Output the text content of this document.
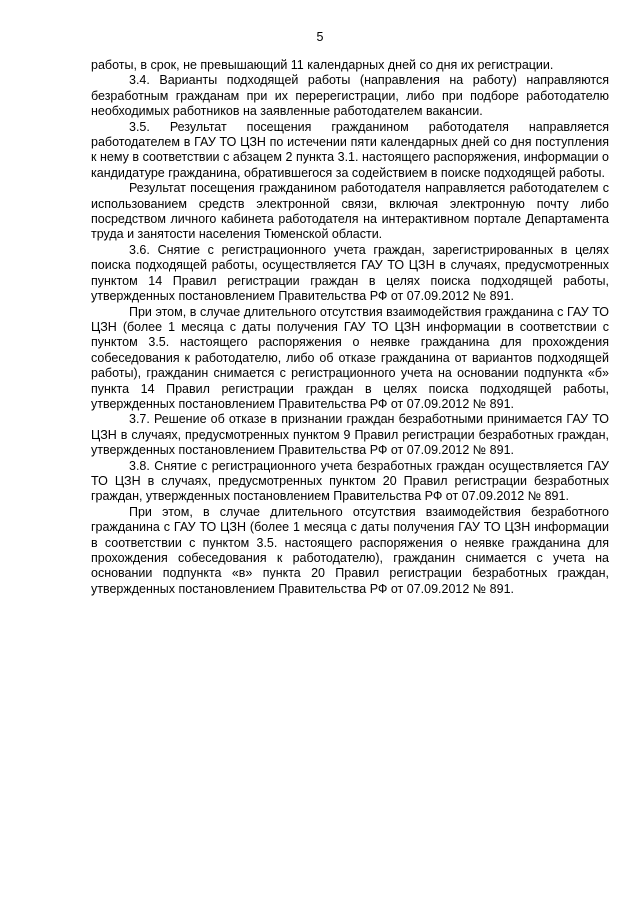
5

работы, в срок, не превышающий 11 календарных дней со дня их регистрации.

3.4. Варианты подходящей работы (направления на работу) направляются безработным гражданам при их перерегистрации, либо при подборе работодателю необходимых работников на заявленные работодателем вакансии.

3.5. Результат посещения гражданином работодателя направляется работодателем в ГАУ ТО ЦЗН по истечении пяти календарных дней со дня поступления к нему в соответствии с абзацем 2 пункта 3.1. настоящего распоряжения, информации о кандидатуре гражданина, обратившегося за содействием в поиске подходящей работы.

Результат посещения гражданином работодателя направляется работодателем с использованием средств электронной связи, включая электронную почту либо посредством личного кабинета работодателя на интерактивном портале Департамента труда и занятости населения Тюменской области.

3.6. Снятие с регистрационного учета граждан, зарегистрированных в целях поиска подходящей работы, осуществляется ГАУ ТО ЦЗН в случаях, предусмотренных пунктом 14 Правил регистрации граждан в целях поиска подходящей работы, утвержденных постановлением Правительства РФ от 07.09.2012 № 891.

При этом, в случае длительного отсутствия взаимодействия гражданина с ГАУ ТО ЦЗН (более 1 месяца с даты получения ГАУ ТО ЦЗН информации в соответствии с пунктом 3.5. настоящего распоряжения о неявке гражданина для прохождения собеседования к работодателю, либо об отказе гражданина от вариантов подходящей работы), гражданин снимается с регистрационного учета на основании подпункта «б» пункта 14 Правил регистрации граждан в целях поиска подходящей работы, утвержденных постановлением Правительства РФ от 07.09.2012 № 891.

3.7. Решение об отказе в признании граждан безработными принимается ГАУ ТО ЦЗН в случаях, предусмотренных пунктом 9 Правил регистрации безработных граждан, утвержденных постановлением Правительства РФ от 07.09.2012 № 891.

3.8. Снятие с регистрационного учета безработных граждан осуществляется ГАУ ТО ЦЗН в случаях, предусмотренных пунктом 20 Правил регистрации безработных граждан, утвержденных постановлением Правительства РФ от 07.09.2012 № 891.

При этом, в случае длительного отсутствия взаимодействия безработного гражданина с ГАУ ТО ЦЗН (более 1 месяца с даты получения ГАУ ТО ЦЗН информации в соответствии с пунктом 3.5. настоящего распоряжения о неявке гражданина для прохождения собеседования к работодателю), гражданин снимается с учета на основании подпункта «в» пункта 20 Правил регистрации безработных граждан, утвержденных постановлением Правительства РФ от 07.09.2012 № 891.
